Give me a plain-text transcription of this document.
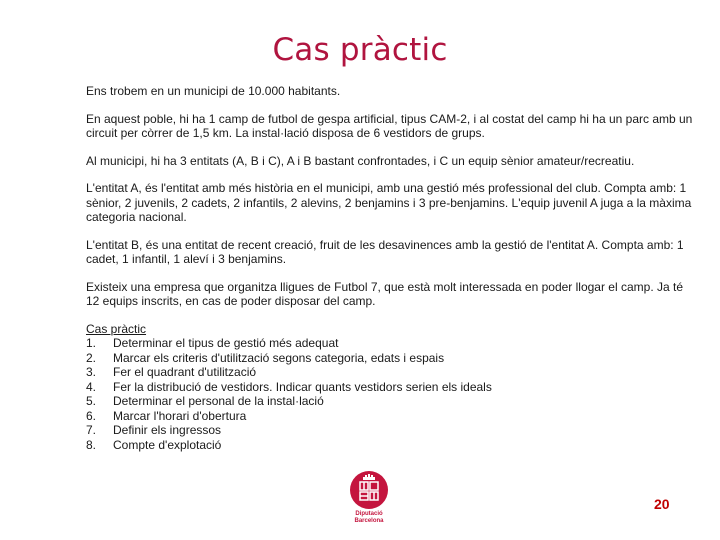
Cas pràctic

Ens trobem en un municipi de 10.000 habitants.

En aquest poble, hi ha 1 camp de futbol de gespa artificial, tipus CAM-2, i al costat del camp hi ha un parc amb un circuit per còrrer de 1,5 km. La instal·lació disposa de 6 vestidors de grups.

Al municipi, hi ha 3 entitats (A, B i C), A i B bastant confrontades, i C un equip sènior amateur/recreatiu.

L'entitat A, és l'entitat amb més història en el municipi, amb una gestió més professional del club. Compta amb: 1 sènior, 2 juvenils, 2 cadets, 2 infantils, 2 alevins, 2 benjamins i 3 pre-benjamins. L'equip juvenil A juga a la màxima categoria nacional.

L'entitat B, és una entitat de recent creació, fruit de les desavinences amb la gestió de l'entitat A. Compta amb: 1 cadet, 1 infantil, 1 aleví i 3 benjamins.

Existeix una empresa que organitza lligues de Futbol 7, que està molt interessada en poder llogar el camp. Ja té 12 equips inscrits, en cas de poder disposar del camp.

Cas pràctic
1.	Determinar el tipus de gestió més adequat
2.	Marcar els criteris d'utilització segons categoria, edats i espais
3.	Fer el quadrant d'utilització
4.	Fer la distribució de vestidors. Indicar quants vestidors serien els ideals
5.	Determinar el personal de la instal·lació
6.	Marcar l'horari d'obertura
7.	Definir els ingressos
8.	Compte d'explotació
Diputació
Barcelona
20
